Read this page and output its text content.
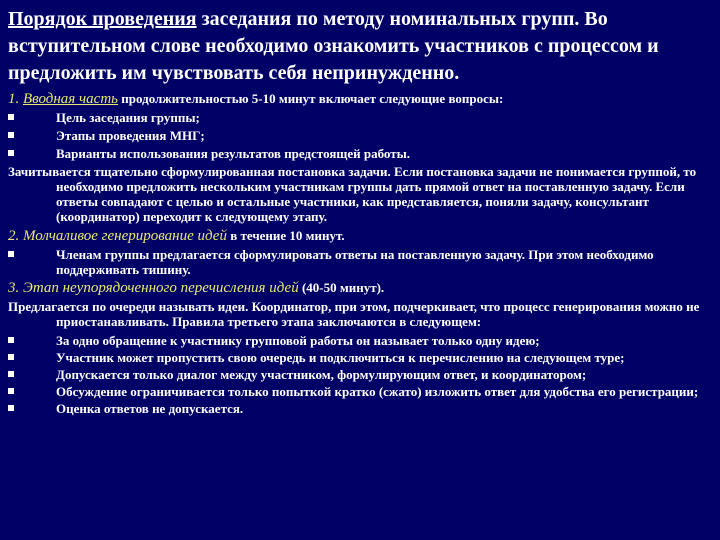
Порядок проведения заседания по методу номинальных групп. Во вступительном слове необходимо ознакомить участников с процессом и предложить им чувствовать себя непринужденно.
1. Вводная часть продолжительностью 5-10 минут включает следующие вопросы:
Цель заседания группы;
Этапы проведения МНГ;
Варианты использования результатов предстоящей работы.

Зачитывается тщательно сформулированная постановка задачи. Если постановка задачи не понимается группой, то необходимо предложить нескольким участникам группы дать прямой ответ на поставленную задачу. Если ответы совпадают с целью и остальные участники, как представляется, поняли задачу, консультант (координатор) переходит к следующему этапу.

2. Молчаливое генерирование идей в течение 10 минут.
Членам группы предлагается сформулировать ответы на поставленную задачу. При этом необходимо поддерживать тишину.
3. Этап неупорядоченного перечисления идей (40-50 минут).

Предлагается по очереди называть идеи. Координатор, при этом, подчеркивает, что процесс генерирования можно не приостанавливать. Правила третьего этапа заключаются в следующем:

За одно обращение к участнику групповой работы он называет только одну идею;
Участник может пропустить свою очередь и подключиться к перечислению на следующем туре;
Допускается только диалог между участником, формулирующим ответ, и координатором;
Обсуждение ограничивается только попыткой кратко (сжато) изложить ответ для удобства его регистрации;
Оценка ответов не допускается.
